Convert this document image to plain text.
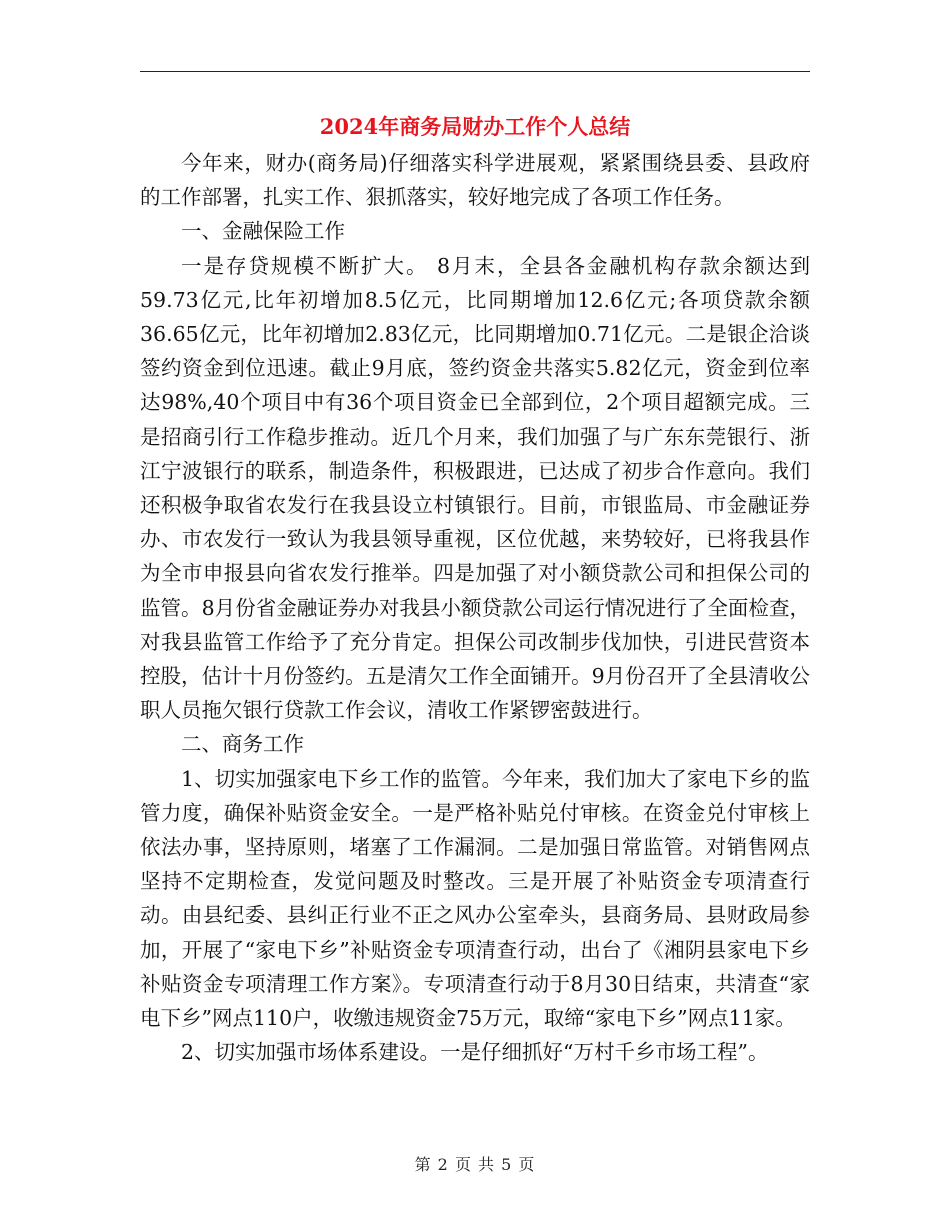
2024年商务局财办工作个人总结

今年来，财办(商务局)仔细落实科学进展观，紧紧围绕县委、县政府的工作部署，扎实工作、狠抓落实，较好地完成了各项工作任务。

一、金融保险工作

一是存贷规模不断扩大。 8月末，全县各金融机构存款余额达到59.73亿元,比年初增加8.5亿元，比同期增加12.6亿元;各项贷款余额36.65亿元，比年初增加2.83亿元，比同期增加0.71亿元。二是银企洽谈签约资金到位迅速。截止9月底，签约资金共落实5.82亿元，资金到位率达98%,40个项目中有36个项目资金已全部到位，2个项目超额完成。三是招商引行工作稳步推动。近几个月来，我们加强了与广东东莞银行、浙江宁波银行的联系，制造条件，积极跟进，已达成了初步合作意向。我们还积极争取省农发行在我县设立村镇银行。目前，市银监局、市金融证券办、市农发行一致认为我县领导重视，区位优越，来势较好，已将我县作为全市申报县向省农发行推举。四是加强了对小额贷款公司和担保公司的监管。8月份省金融证券办对我县小额贷款公司运行情况进行了全面检查，对我县监管工作给予了充分肯定。担保公司改制步伐加快，引进民营资本控股，估计十月份签约。五是清欠工作全面铺开。9月份召开了全县清收公职人员拖欠银行贷款工作会议，清收工作紧锣密鼓进行。

二、商务工作

1、切实加强家电下乡工作的监管。今年来，我们加大了家电下乡的监管力度，确保补贴资金安全。一是严格补贴兑付审核。在资金兑付审核上依法办事，坚持原则，堵塞了工作漏洞。二是加强日常监管。对销售网点坚持不定期检查，发觉问题及时整改。三是开展了补贴资金专项清查行动。由县纪委、县纠正行业不正之风办公室牵头，县商务局、县财政局参加，开展了“家电下乡”补贴资金专项清查行动，出台了《湘阴县家电下乡补贴资金专项清理工作方案》。专项清查行动于8月30日结束，共清查“家电下乡”网点110户，收缴违规资金75万元，取缔“家电下乡”网点11家。

2、切实加强市场体系建设。一是仔细抓好“万村千乡市场工程”。

第 2 页 共 5 页
